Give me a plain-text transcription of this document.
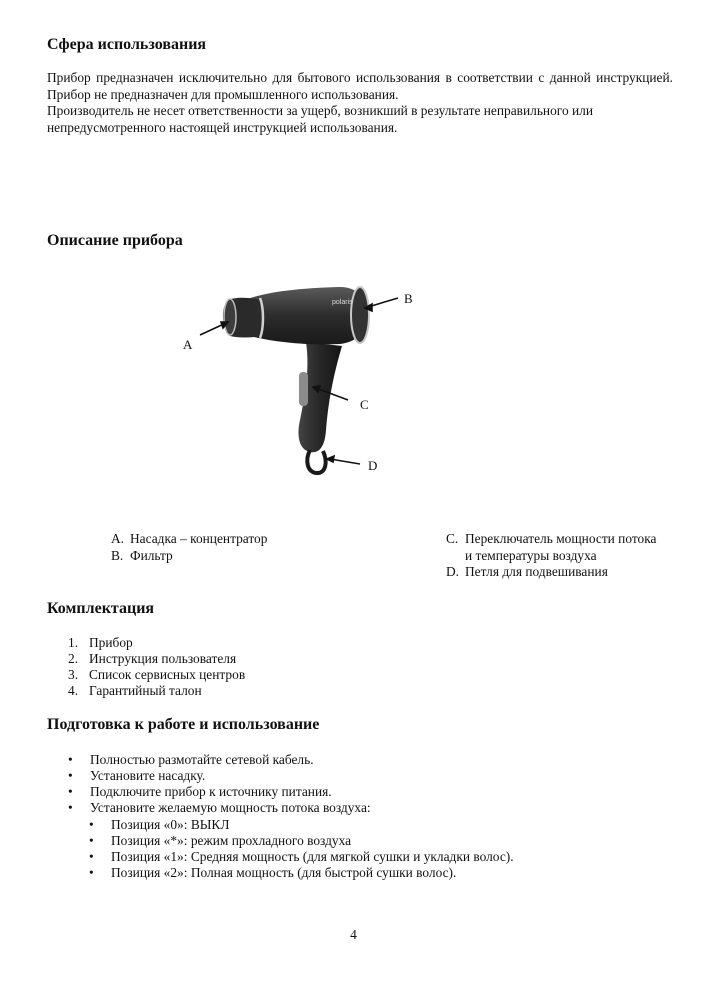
Сфера использования

Прибор предназначен исключительно для бытового использования в соответствии с данной инструкцией. Прибор не предназначен для промышленного использования.

Производитель не несет ответственности за ущерб, возникший в результате неправильного или непредусмотренного настоящей инструкцией использования.

Описание прибора
polaris
A
B
C
D
A. Насадка – концентратор
B. Фильтр
C. Переключатель мощности потока
и температуры воздуха
D. Петля для подвешивания
Комплектация
1. Прибор
2. Инструкция пользователя
3. Список сервисных центров
4. Гарантийный талон
Подготовка к работе и использование
•	Полностью размотайте сетевой кабель.
•	Установите насадку.
•	Подключите прибор к источнику питания.
•	Установите желаемую мощность потока воздуха:
•	Позиция «0»: ВЫКЛ
•	Позиция «*»: режим прохладного воздуха
•	Позиция «1»: Средняя мощность (для мягкой сушки и укладки волос).
•	Позиция «2»: Полная мощность (для быстрой сушки волос).
4
